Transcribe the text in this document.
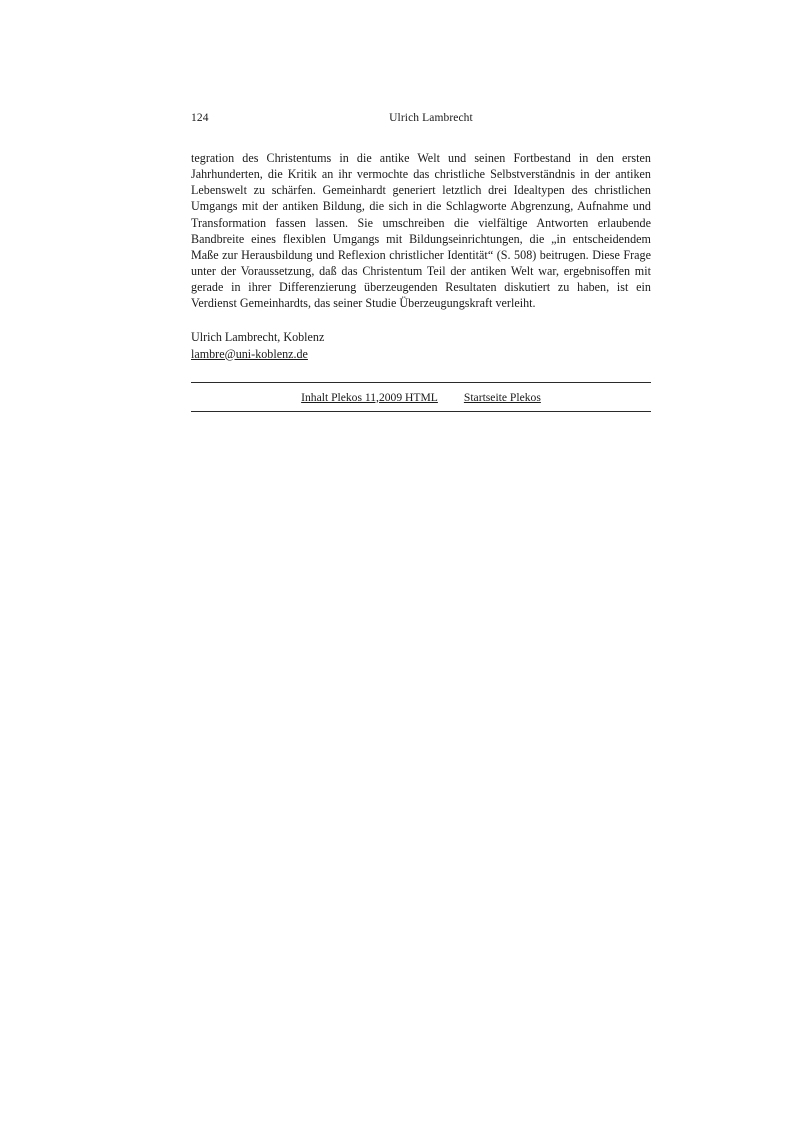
124	Ulrich Lambrecht

tegration des Christentums in die antike Welt und seinen Fortbestand in den ersten Jahrhunderten, die Kritik an ihr vermochte das christliche Selbstverständnis in der antiken Lebenswelt zu schärfen. Gemeinhardt generiert letztlich drei Idealtypen des christlichen Umgangs mit der antiken Bildung, die sich in die Schlagworte Abgrenzung, Aufnahme und Transformation fassen lassen. Sie umschreiben die vielfältige Antworten erlaubende Bandbreite eines flexiblen Umgangs mit Bildungseinrichtungen, die „in entscheidendem Maße zur Herausbildung und Reflexion christlicher Identität“ (S. 508) beitrugen. Diese Frage unter der Voraussetzung, daß das Christentum Teil der antiken Welt war, ergebnisoffen mit gerade in ihrer Differenzierung überzeugenden Resultaten diskutiert zu haben, ist ein Verdienst Gemeinhardts, das seiner Studie Überzeugungskraft verleiht.

Ulrich Lambrecht, Koblenz
lambre@uni-koblenz.de
Inhalt Plekos 11,2009 HTML Startseite Plekos
